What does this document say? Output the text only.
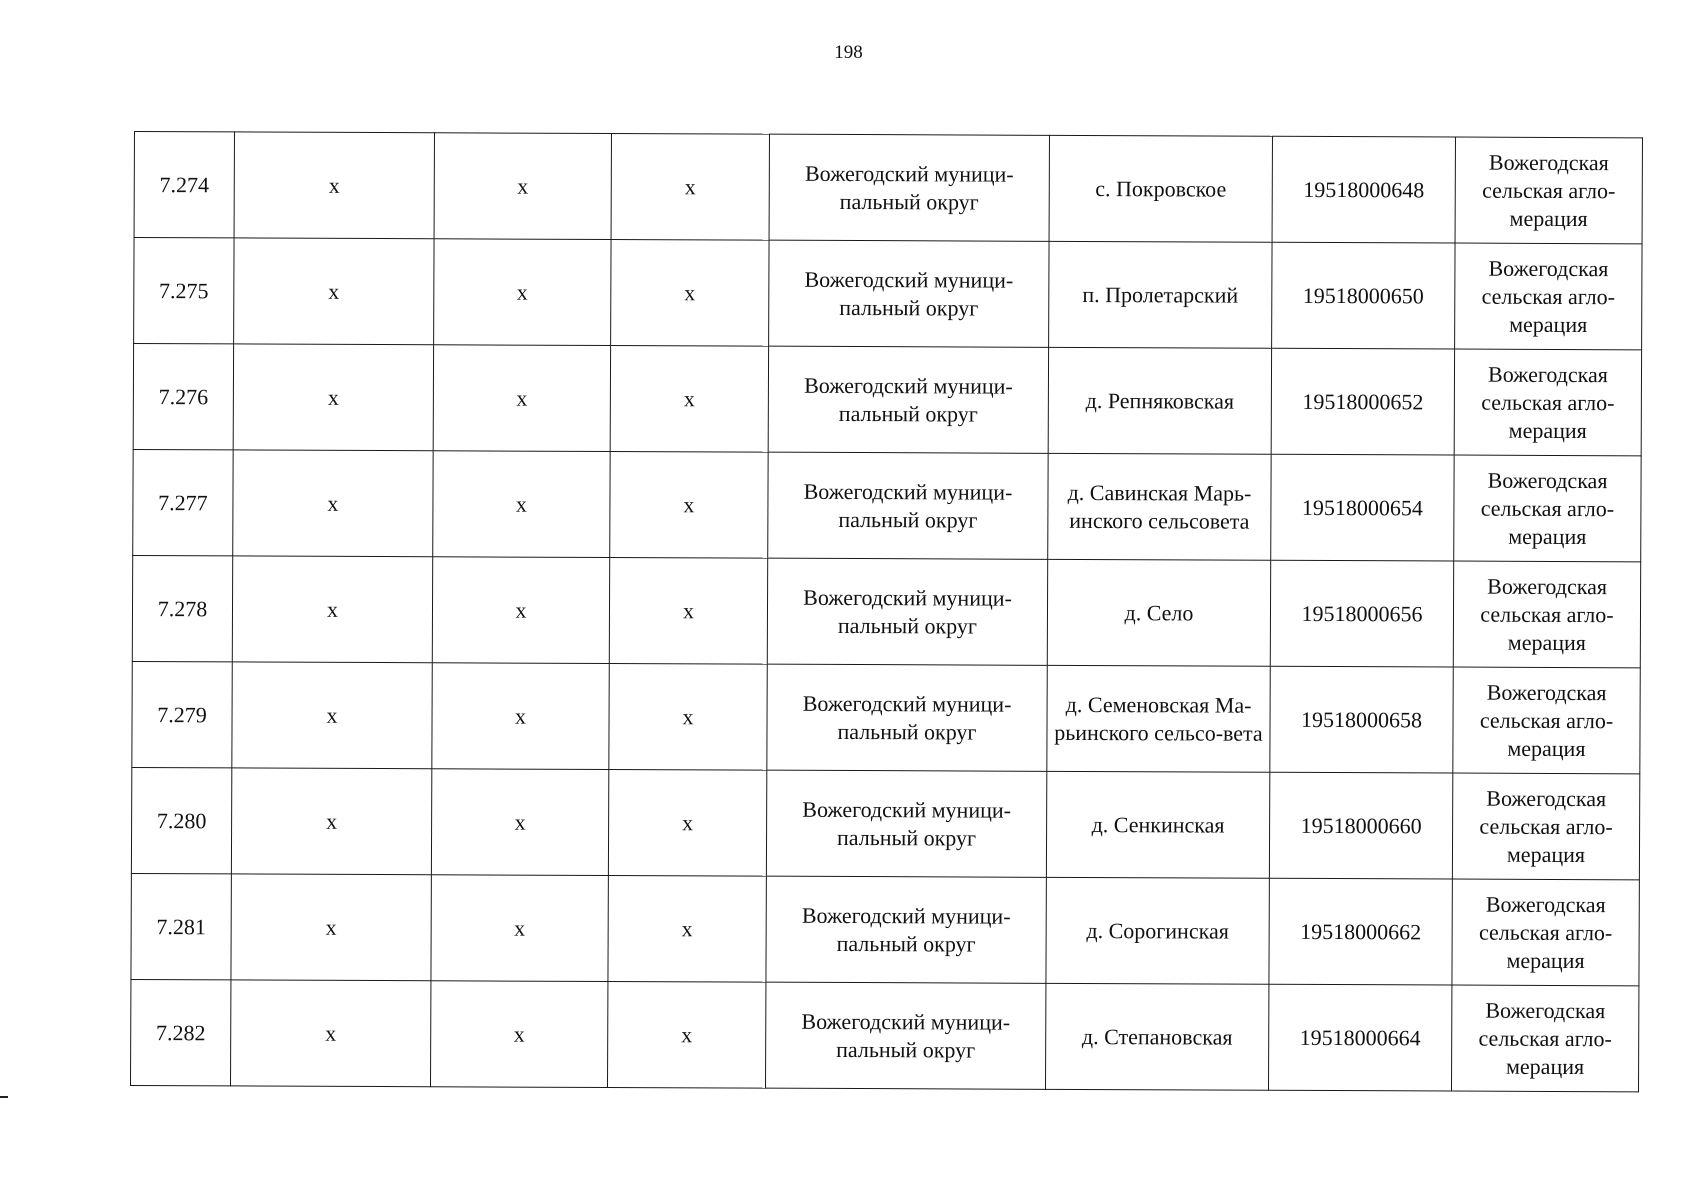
198
7.274	x	x	x	Вожегодский муници-пальный округ	с. Покровское	19518000648	Вожегодская сельская агло-мерация
7.275	x	x	x	Вожегодский муници-пальный округ	п. Пролетарский	19518000650	Вожегодская сельская агло-мерация
7.276	x	x	x	Вожегодский муници-пальный округ	д. Репняковская	19518000652	Вожегодская сельская агло-мерация
7.277	x	x	x	Вожегодский муници-пальный округ	д. Савинская Марь-инского сельсовета	19518000654	Вожегодская сельская агло-мерация
7.278	x	x	x	Вожегодский муници-пальный округ	д. Село	19518000656	Вожегодская сельская агло-мерация
7.279	x	x	x	Вожегодский муници-пальный округ	д. Семеновская Ма-рьинского сельсо-вета	19518000658	Вожегодская сельская агло-мерация
7.280	x	x	x	Вожегодский муници-пальный округ	д. Сенкинская	19518000660	Вожегодская сельская агло-мерация
7.281	x	x	x	Вожегодский муници-пальный округ	д. Сорогинская	19518000662	Вожегодская сельская агло-мерация
7.282	x	x	x	Вожегодский муници-пальный округ	д. Степановская	19518000664	Вожегодская сельская агло-мерация
